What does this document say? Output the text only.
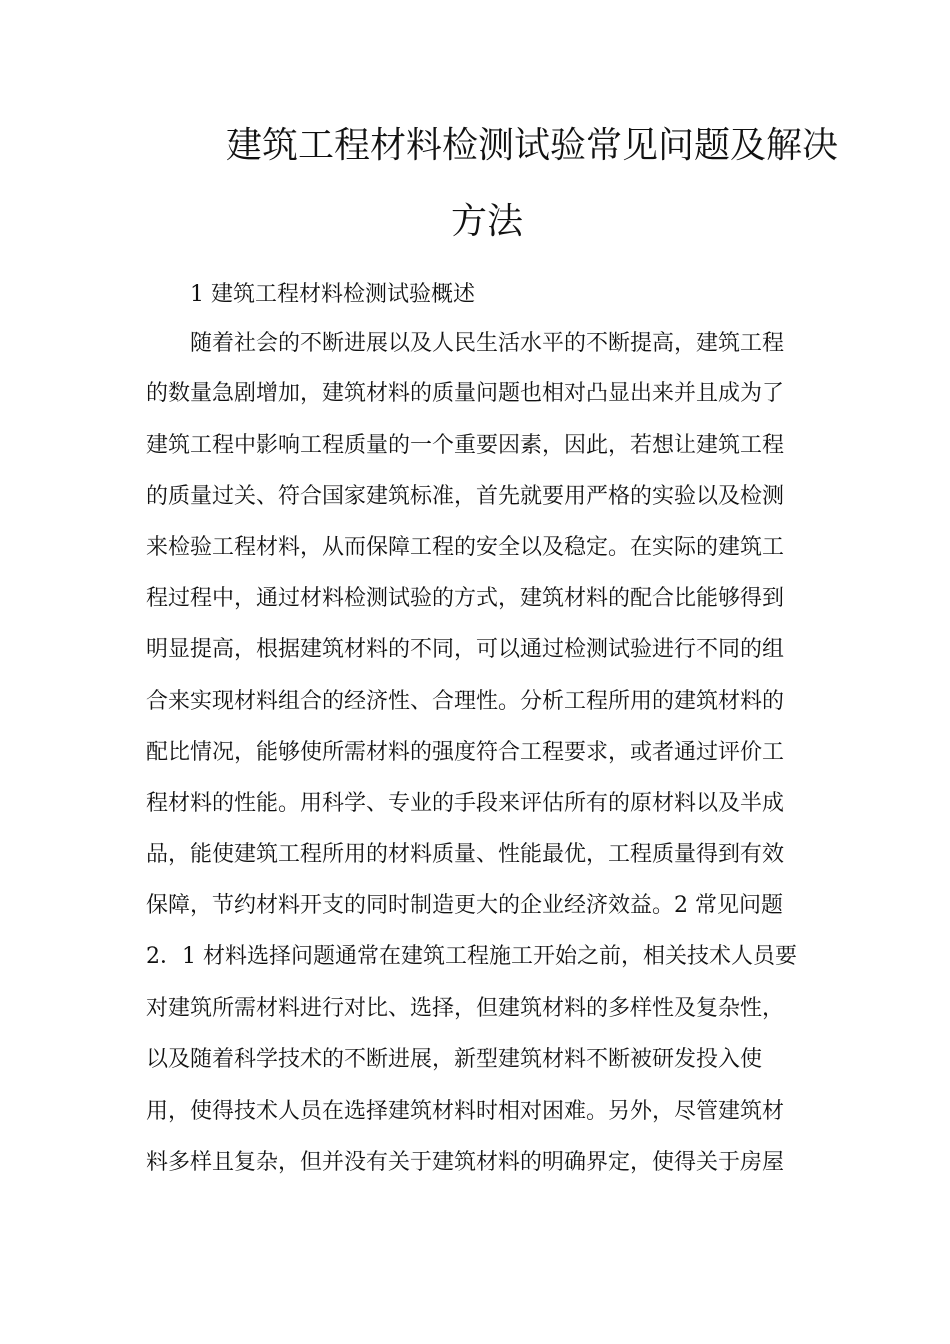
建筑工程材料检测试验常见问题及解决
方法
1 建筑工程材料检测试验概述
随着社会的不断进展以及人民生活水平的不断提高，建筑工程
的数量急剧增加，建筑材料的质量问题也相对凸显出来并且成为了
建筑工程中影响工程质量的一个重要因素，因此，若想让建筑工程
的质量过关、符合国家建筑标准，首先就要用严格的实验以及检测
来检验工程材料，从而保障工程的安全以及稳定。在实际的建筑工
程过程中，通过材料检测试验的方式，建筑材料的配合比能够得到
明显提高，根据建筑材料的不同，可以通过检测试验进行不同的组
合来实现材料组合的经济性、合理性。分析工程所用的建筑材料的
配比情况，能够使所需材料的强度符合工程要求，或者通过评价工
程材料的性能。用科学、专业的手段来评估所有的原材料以及半成
品，能使建筑工程所用的材料质量、性能最优，工程质量得到有效
保障，节约材料开支的同时制造更大的企业经济效益。2 常见问题
2．1 材料选择问题通常在建筑工程施工开始之前，相关技术人员要
对建筑所需材料进行对比、选择，但建筑材料的多样性及复杂性，
以及随着科学技术的不断进展，新型建筑材料不断被研发投入使
用，使得技术人员在选择建筑材料时相对困难。另外，尽管建筑材
料多样且复杂，但并没有关于建筑材料的明确界定，使得关于房屋
